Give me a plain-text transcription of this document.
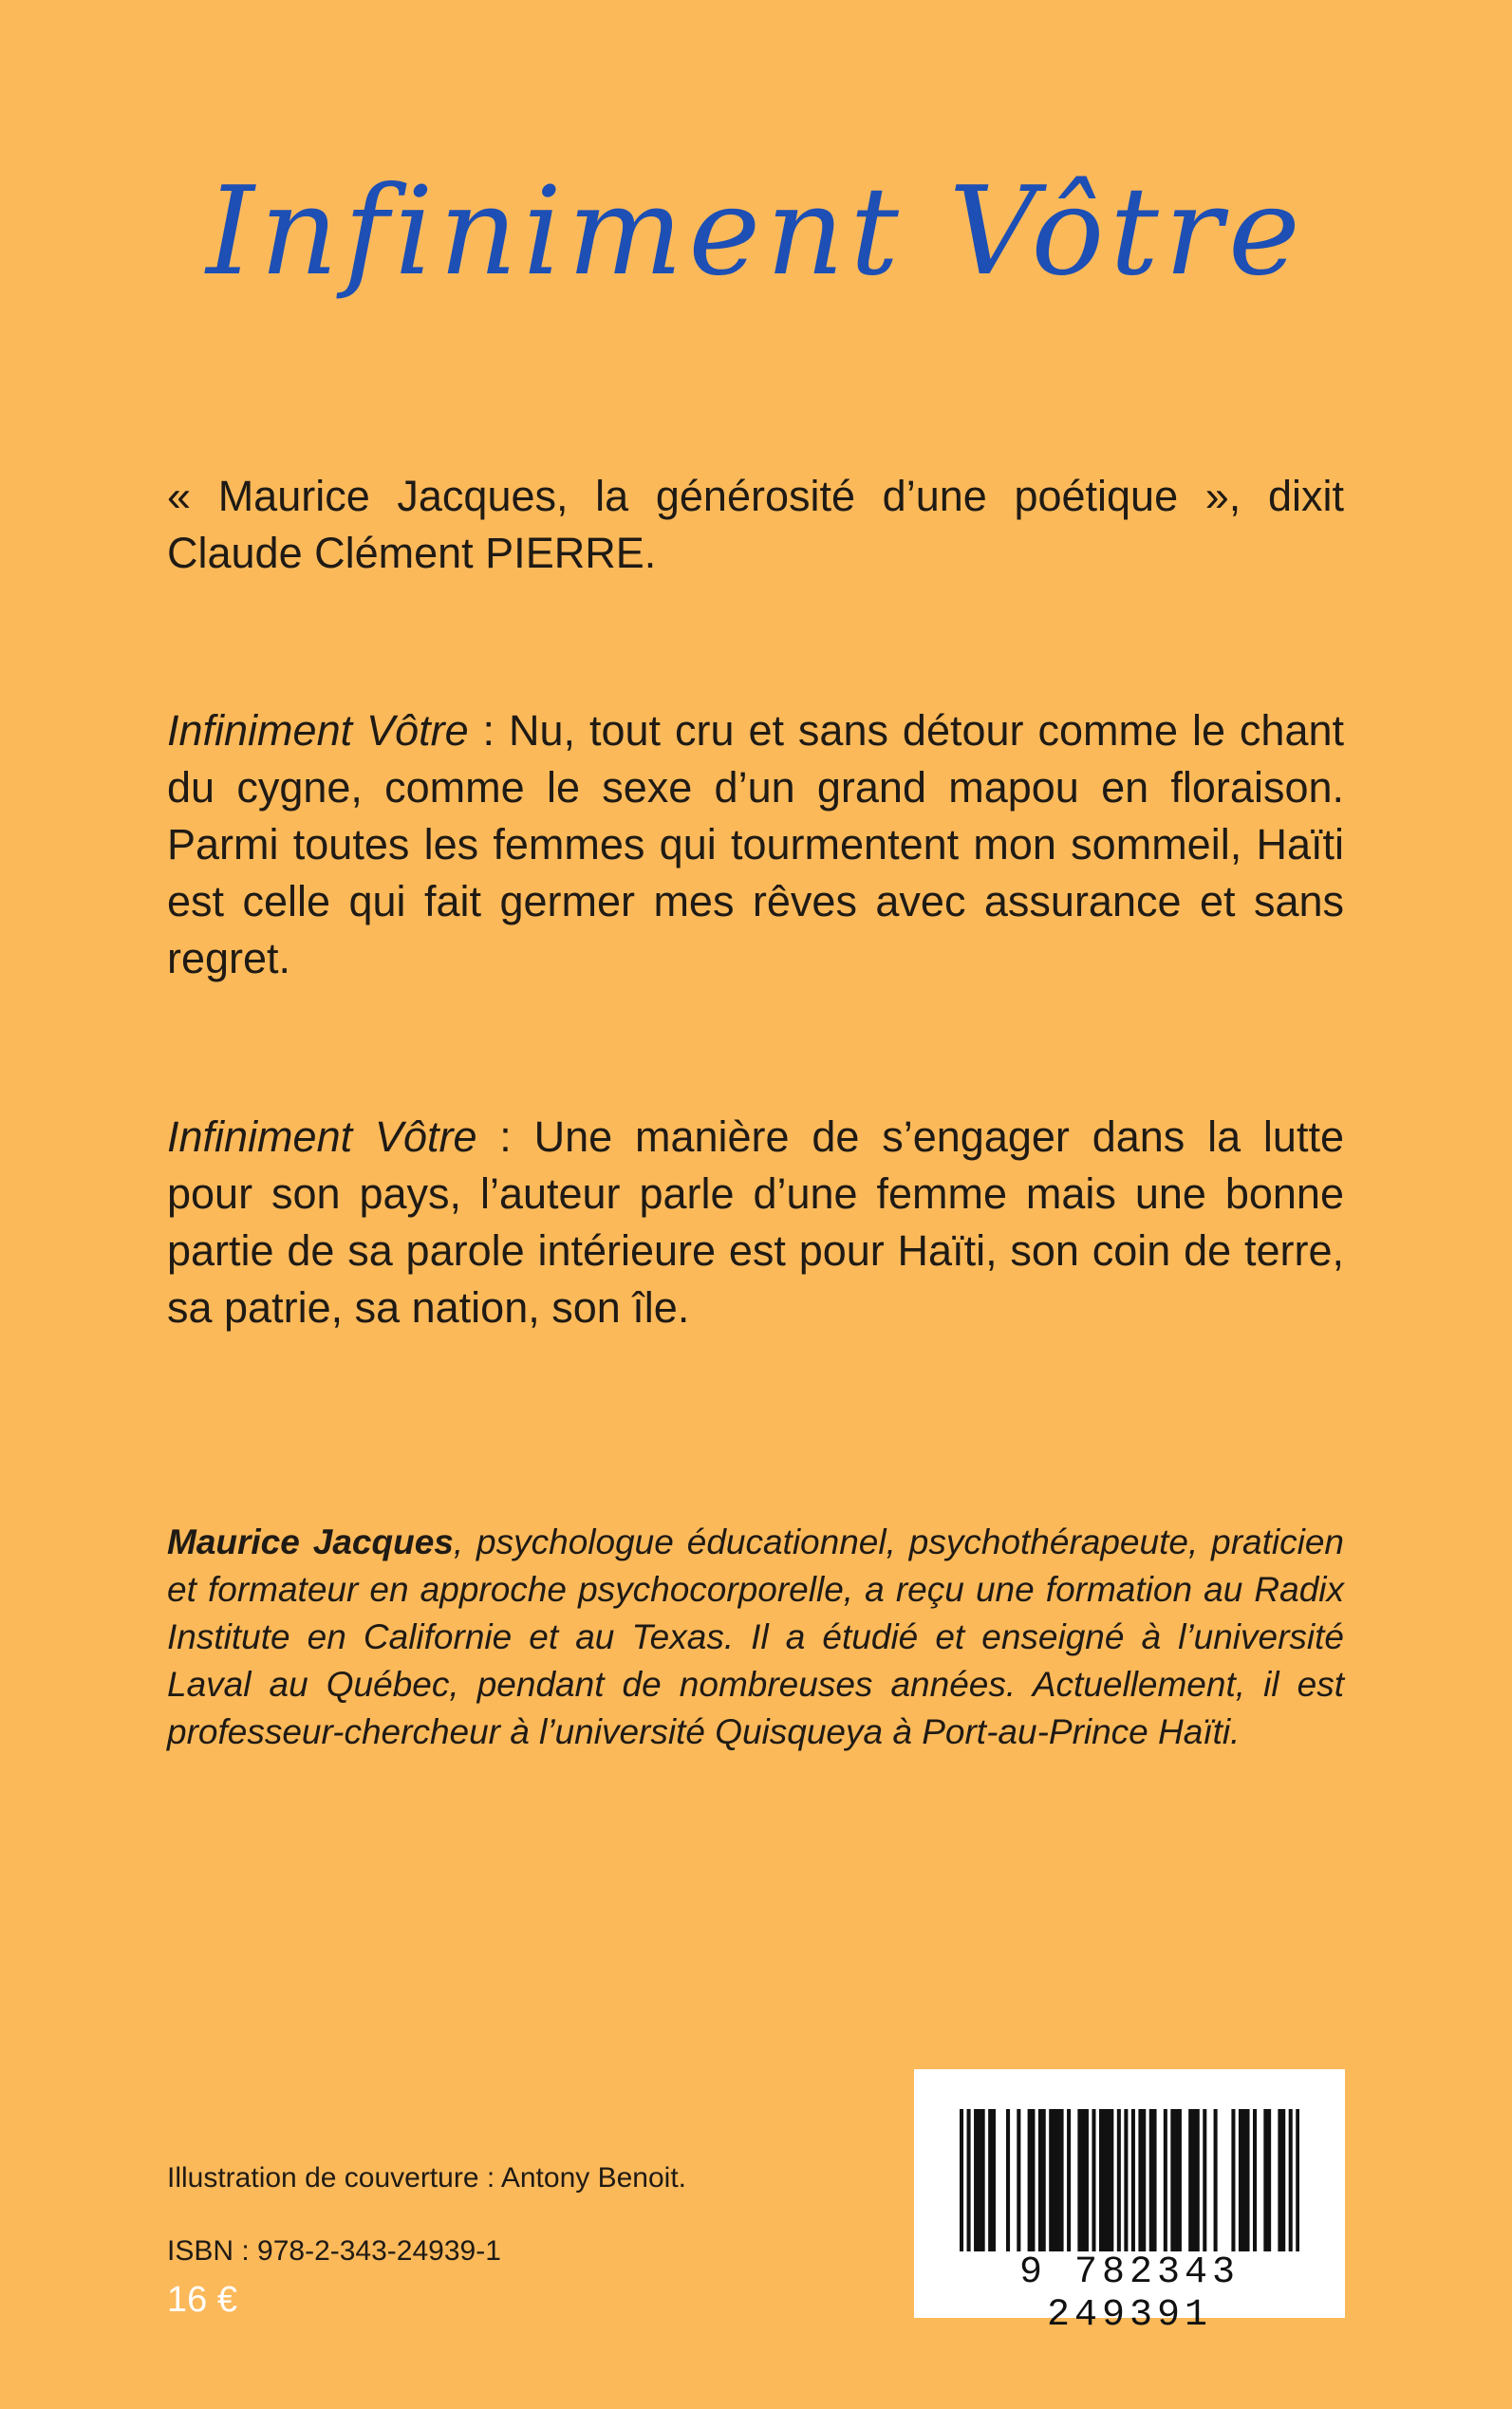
Infiniment Vôtre

« Maurice Jacques, la générosité d’une poétique », dixit Claude Clément PIERRE.

Infiniment Vôtre : Nu, tout cru et sans détour comme le chant du cygne, comme le sexe d’un grand mapou en floraison. Parmi toutes les femmes qui tourmentent mon sommeil, Haïti est celle qui fait germer mes rêves avec assurance et sans regret.

Infiniment Vôtre : Une manière de s’engager dans la lutte pour son pays, l’auteur parle d’une femme mais une bonne partie de sa parole intérieure est pour Haïti, son coin de terre, sa patrie, sa nation, son île.

Maurice Jacques, psychologue éducationnel, psychothérapeute, praticien et formateur en approche psychocorporelle, a reçu une formation au Radix Institute en Californie et au Texas. Il a étudié et enseigné à l’université Laval au Québec, pendant de nombreuses années. Actuellement, il est professeur-chercheur à l’université Quisqueya à Port-au-Prince Haïti.

Illustration de couverture : Antony Benoit.

ISBN : 978-2-343-24939-1

16 €

9 782343 249391
